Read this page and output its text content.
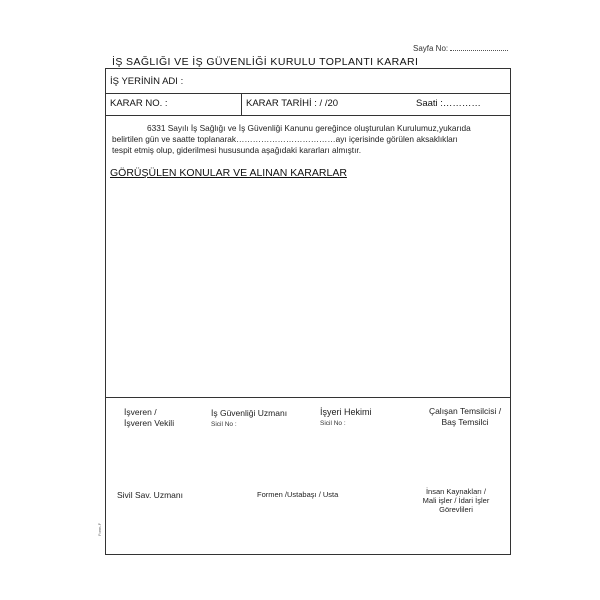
Sayfa No:
İŞ SAĞLIĞI VE İŞ GÜVENLİĞİ KURULU TOPLANTI KARARI
İŞ YERİNİN ADI :
KARAR NO. :	KARAR TARİHİ : / /20	Saati :…………
6331 Sayılı İş Sağlığı ve İş Güvenliği Kanunu gereğince oluşturulan Kurulumuz,yukarıda
belirtilen gün ve saatte toplanarak………………………………ayı içerisinde görülen aksaklıkları
tespit etmiş olup, giderilmesi hususunda aşağıdaki kararları almıştır.
GÖRÜŞÜLEN KONULAR VE ALINAN KARARLAR
İşveren /
İşveren Vekili
İş Güvenliği Uzmanı
Sicil No :
İşyeri Hekimi
Sicil No :
Çalışan Temsilcisi /
Baş Temsilci
Sivil Sav. Uzmanı	Formen /Ustabaşı / Usta	İnsan Kaynakları /
Mali işler / İdari İşler
Görevlileri
Form-F
